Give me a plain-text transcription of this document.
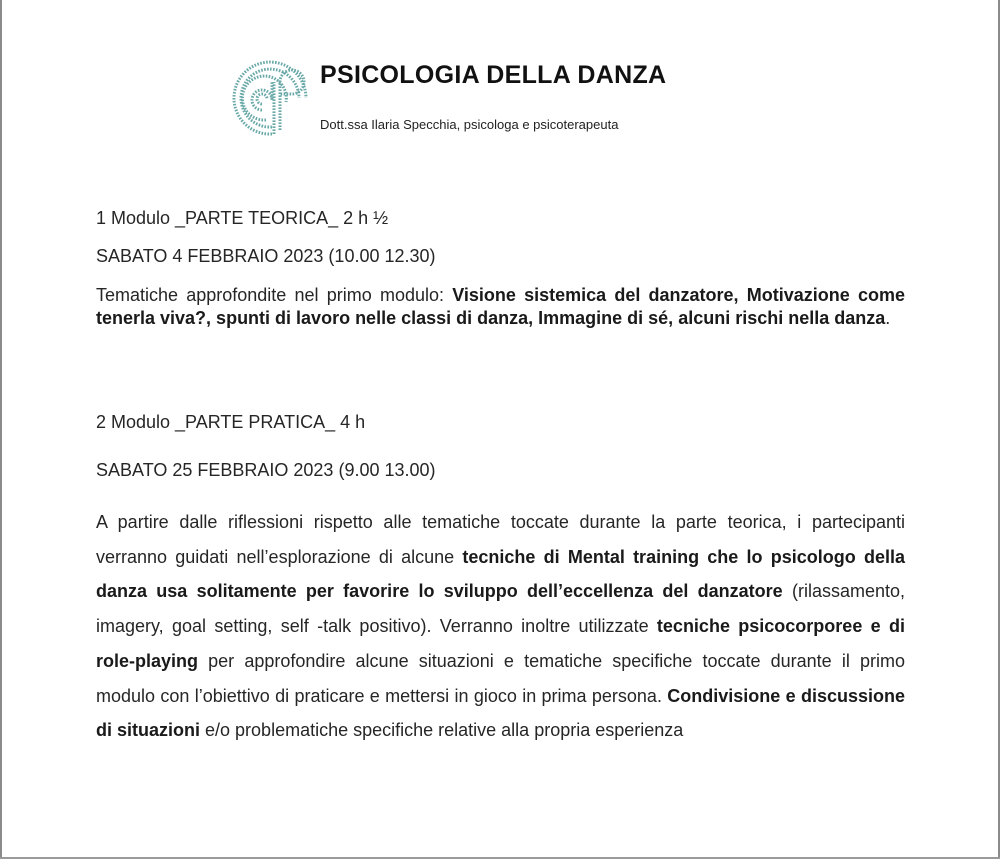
PSICOLOGIA DELLA DANZA
Dott.ssa Ilaria Specchia, psicologa e psicoterapeuta
1 Modulo _PARTE TEORICA_ 2 h ½
SABATO 4 FEBBRAIO 2023 (10.00 12.30)
Tematiche approfondite nel primo modulo: Visione sistemica del danzatore, Motivazione come tenerla viva?, spunti di lavoro nelle classi di danza, Immagine di sé, alcuni rischi nella danza.
2 Modulo _PARTE PRATICA_ 4 h
SABATO 25 FEBBRAIO 2023 (9.00 13.00)
A partire dalle riflessioni rispetto alle tematiche toccate durante la parte teorica, i partecipanti verranno guidati nell’esplorazione di alcune tecniche di Mental training che lo psicologo della danza usa solitamente per favorire lo sviluppo dell’eccellenza del danzatore (rilassamento, imagery, goal setting, self -talk positivo). Verranno inoltre utilizzate tecniche psicocorporee e di role-playing per approfondire alcune situazioni e tematiche specifiche toccate durante il primo modulo con l’obiettivo di praticare e mettersi in gioco in prima persona. Condivisione e discussione di situazioni e/o problematiche specifiche relative alla propria esperienza
